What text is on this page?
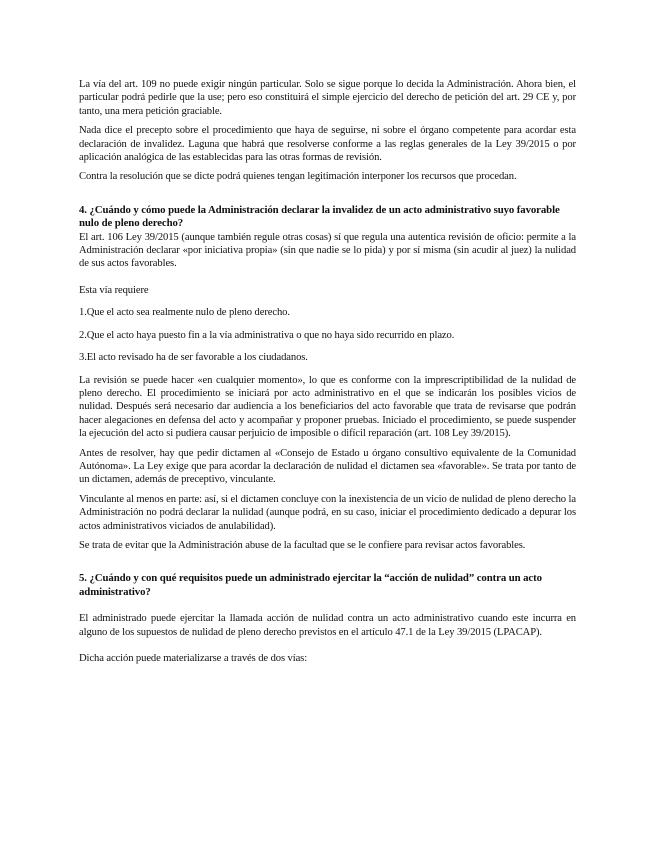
La vía del art. 109 no puede exigir ningún particular. Solo se sigue porque lo decida la Administración. Ahora bien, el particular podrá pedirle que la use; pero eso constituirá el simple ejercicio del derecho de petición del art. 29 CE y, por tanto, una mera petición graciable.

Nada dice el precepto sobre el procedimiento que haya de seguirse, ni sobre el órgano competente para acordar esta declaración de invalidez. Laguna que habrá que resolverse conforme a las reglas generales de la Ley 39/2015 o por aplicación analógica de las establecidas para las otras formas de revisión.

Contra la resolución que se dicte podrá quienes tengan legitimación interponer los recursos que procedan.

4. ¿Cuándo y cómo puede la Administración declarar la invalidez de un acto administrativo suyo favorable nulo de pleno derecho?

El art. 106 Ley 39/2015 (aunque también regule otras cosas) sí que regula una autentica revisión de oficio: permite a la Administración declarar «por iniciativa propia» (sin que nadie se lo pida) y por sí misma (sin acudir al juez) la nulidad de sus actos favorables.

Esta vía requiere

1.Que el acto sea realmente nulo de pleno derecho.

2.Que el acto haya puesto fin a la vía administrativa o que no haya sido recurrido en plazo.

3.El acto revisado ha de ser favorable a los ciudadanos.

La revisión se puede hacer «en cualquier momento», lo que es conforme con la imprescriptibilidad de la nulidad de pleno derecho. El procedimiento se iniciará por acto administrativo en el que se indicarán los posibles vicios de nulidad. Después será necesario dar audiencia a los beneficiarios del acto favorable que trata de revisarse que podrán hacer alegaciones en defensa del acto y acompañar y proponer pruebas. Iniciado el procedimiento, se puede suspender la ejecución del acto si pudiera causar perjuicio de imposible o difícil reparación (art. 108 Ley 39/2015).

Antes de resolver, hay que pedir dictamen al «Consejo de Estado u órgano consultivo equivalente de la Comunidad Autónoma». La Ley exige que para acordar la declaración de nulidad el dictamen sea «favorable». Se trata por tanto de un dictamen, además de preceptivo, vinculante.

Vinculante al menos en parte: así, si el dictamen concluye con la inexistencia de un vicio de nulidad de pleno derecho la Administración no podrá declarar la nulidad (aunque podrá, en su caso, iniciar el procedimiento dedicado a depurar los actos administrativos viciados de anulabilidad).

Se trata de evitar que la Administración abuse de la facultad que se le confiere para revisar actos favorables.

5. ¿Cuándo y con qué requisitos puede un administrado ejercitar la “acción de nulidad” contra un acto administrativo?

El administrado puede ejercitar la llamada acción de nulidad contra un acto administrativo cuando este incurra en alguno de los supuestos de nulidad de pleno derecho previstos en el artículo 47.1 de la Ley 39/2015 (LPACAP).

Dicha acción puede materializarse a través de dos vías:
